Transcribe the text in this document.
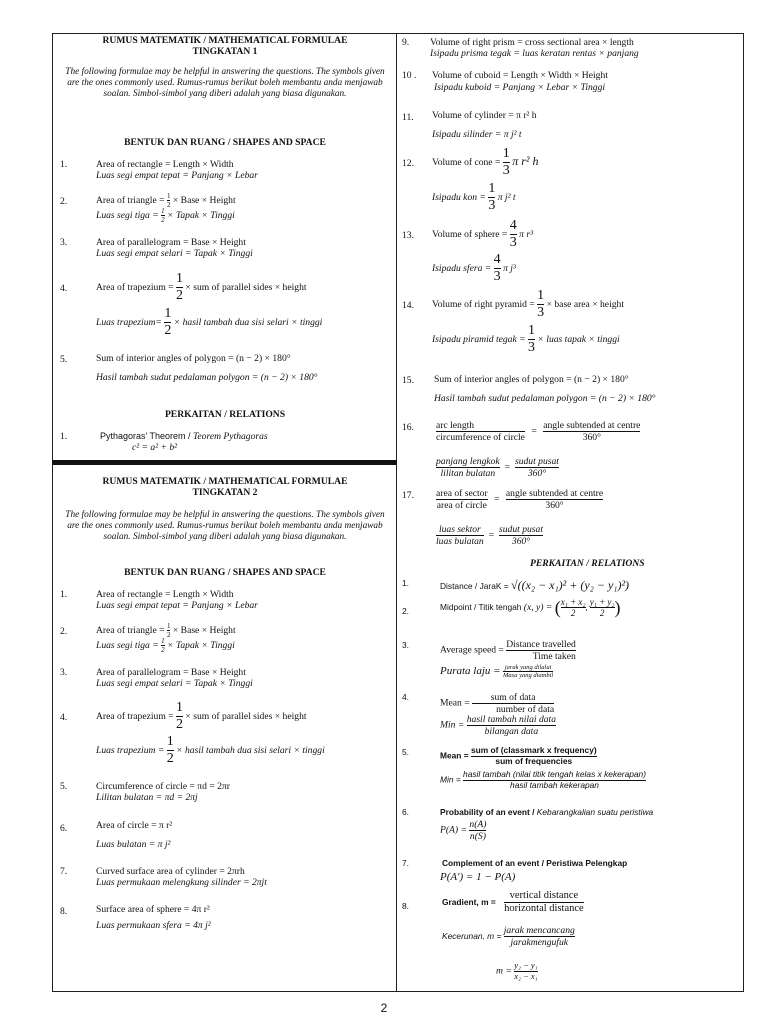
RUMUS MATEMATIK / MATHEMATICAL FORMULAE
TINGKATAN 1
The following formulae may be helpful in answering the questions. The symbols given are the ones commonly used. Rumus-rumus berikut boleh membantu anda menjawab soalan. Simbol-simbol yang diberi adalah yang biasa digunakan.
BENTUK DAN RUANG / SHAPES AND SPACE
1.	Area of rectangle = Length × Width
Luas segi empat tepat = Panjang × Lebar
2.	Area of triangle = $\frac{1}{2}$ × Base × Height
Luas segi tiga = $\frac{1}{2}$ × Tapak × Tinggi
3.	Area of parallelogram = Base × Height
Luas segi empat selari = Tapak × Tinggi
4.	Area of trapezium = $\frac{1}{2}$ × sum of parallel sides × height
Luas trapezium= $\frac{1}{2}$ × hasil tambah dua sisi selari × tinggi
5.	Sum of interior angles of polygon = (n − 2) × 180°
Hasil tambah sudut pedalaman polygon = (n − 2) × 180°
PERKAITAN / RELATIONS
1.	Pythagoras’ Theorem / Teorem Pythagoras
c² = a² + b²
RUMUS MATEMATIK / MATHEMATICAL FORMULAE
TINGKATAN 2
The following formulae may be helpful in answering the questions. The symbols given are the ones commonly used. Rumus-rumus berikut boleh membantu anda menjawab soalan. Simbol-simbol yang diberi adalah yang biasa digunakan.
BENTUK DAN RUANG / SHAPES AND SPACE
1.	Area of rectangle = Length × Width
Luas segi empat tepat = Panjang × Lebar
2.	Area of triangle = $\frac{1}{2}$ × Base × Height
Luas segi tiga = $\frac{1}{2}$ × Tapak × Tinggi
3.	Area of parallelogram = Base × Height
Luas segi empat selari = Tapak × Tinggi
4.	Area of trapezium = $\frac{1}{2}$ × sum of parallel sides × height
Luas trapezium = $\frac{1}{2}$ × hasil tambah dua sisi selari × tinggi
5.	Circumference of circle = πd = 2πr
Lilitan bulatan = πd = 2πj
6.	Area of circle = π r²
Luas bulatan = π j²
7.	Curved surface area of cylinder = 2πrh
Luas permukaan melengkung silinder = 2πjt
8.	Surface area of sphere = 4π r²
Luas permukaan sfera = 4π j²
9. Volume of right prism = cross sectional area × length
Isipadu prisma tegak = luas keratan rentas × panjang
10 . Volume of cuboid = Length × Width × Height
Isipadu kuboid = Panjang × Lebar × Tinggi
11. Volume of cylinder = π r² h
Isipadu silinder = π j² t
12. Volume of cone = $\frac{1}{3}$ π r² h
Isipadu kon = $\frac{1}{3}$ π j² t
13. Volume of sphere = $\frac{4}{3}$ π r³
Isipadu sfera = $\frac{4}{3}$ π j³
14. Volume of right pyramid = $\frac{1}{3}$ × base area × height
Isipadu piramid tegak = $\frac{1}{3}$ × luas tapak × tinggi
15. Sum of interior angles of polygon = (n − 2) × 180°
Hasil tambah sudut pedalaman polygon = (n − 2) × 180°
16. $\frac{\text{arc length}}{\text{circumference of circle}} = \frac{\text{angle subtended at centre}}{360^\circ}$
$\frac{\text{panjang lengkok}}{\text{lilitan bulatan}} = \frac{\text{sudut pusat}}{360^\circ}$
17. $\frac{\text{area of sector}}{\text{area of circle}} = \frac{\text{angle subtended at centre}}{360^\circ}$
$\frac{\text{luas sektor}}{\text{luas bulatan}} = \frac{\text{sudut pusat}}{360^\circ}$
PERKAITAN / RELATIONS
1.	Distance / JaraK = √((x₂ − x₁)² + (y₂ − y₁)²)
2.	Midpoint / Titik tengah (x, y) = ( $\frac{\text{x₁ + x₂}}{2}$ , $\frac{\text{y₁ + y₂}}{2}$ )
3.	Average speed = $\frac{\text{Distance travelled}}{\text{Time taken}}$
Purata laju = $\frac{\text{jarak yang dilalui}}{\text{Masa yang diambil}}$
4.
Mean = $\frac{\text{sum of data}}{\text{number of data}}$
Min = $\frac{\text{hasil tambah nilai data}}{\text{bilangan data}}$
5.	Mean = $\frac{\text{sum of (classmark x frequency)}}{\text{sum of frequencies}}$
Min = $\frac{\text{hasil tambah (nilai titik tengah kelas x kekerapan)}}{\text{hasil tambah kekerapan}}$
6.	Probability of an event / Kebarangkalian suatu peristiwa
$P(A) = \frac{n(A)}{n(S)}$
7.	Complement of an event / Peristiwa Pelengkap
P(A′) = 1 − P(A)
8.	Gradient, $m = \frac{\text{vertical distance}}{\text{horizontal distance}}$
Kecerunan, $m = \frac{\text{jarak mencancang}}{\text{jarakmengufuk}}$
$m = \frac{\text{y₂ − y₁}}{\text{x₂ − x₁}}$
2
